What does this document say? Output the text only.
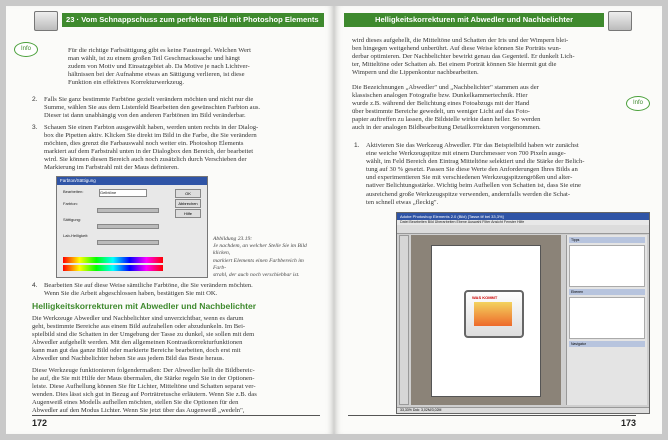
23 · Vom Schnappschuss zum perfekten Bild mit Photoshop Elements
Info	Für die richtige Farbsättigung gibt es keine Faustregel. Welchen Wert
man wählt, ist zu einem großen Teil Geschmackssache und hängt
zudem von Motiv und Einsatzgebiet ab. Da Motive je nach Lichtver-
hältnissen bei der Aufnahme etwas an Sättigung verlieren, ist diese
Funktion ein effektives Korrekturwerkzeug.
2. Falls Sie ganz bestimmte Farbtöne gezielt verändern möchten und nicht nur die
Summe, wählen Sie aus dem Listenfeld Bearbeiten den gewünschten Farbton aus.
Dieser ist dann unabhängig von den anderen Farbtönen im Bild veränderbar.
3. Schauen Sie einen Farbton ausgewählt haben, werden unten rechts in der Dialog-
box die Pipetten aktiv. Klicken Sie direkt im Bild in die Farbe, die Sie verändern
möchten, dies grenzt die Farbauswahl noch weiter ein. Photoshop Elements
markiert auf dem Farbstrahl unten in der Dialogbox den Bereich, der bearbeitet
wird. Sie können diesen Bereich auch noch zusätzlich durch Verschieben der
Markierung im Farbstrahl mit der Maus definieren.
Farbton/Sättigung
Bearbeiten:	Gelbtöne
Farbton:
Sättigung:
Lab-Helligkeit:
OK
Abbrechen
Hilfe
Abbildung 23.19:
Je nachdem, an welcher Stelle Sie im Bild klicken,
markiert Elements einen Farbbereich im Farb-
strahl, der auch noch verschiebbar ist.
4. Bearbeiten Sie auf diese Weise sämtliche Farbtöne, die Sie verändern möchten.
Wenn Sie die Arbeit abgeschlossen haben, bestätigen Sie mit OK.
Helligkeitskorrekturen mit Abwedler und Nachbelichter
Die Werkzeuge Abwedler und Nachbelichter sind unverzichtbar, wenn es darum
geht, bestimmte Bereiche aus einem Bild aufzuhellen oder abzudunkeln. Im Bei-
spielbild sind die Schatten in der Umgebung der Tasse zu dunkel, sie sollen mit dem
Abwedler aufgehellt werden. Mit den allgemeinen Kontrastkorrekturfunktionen
kann man gut das ganze Bild oder markierte Bereiche bearbeiten, doch erst mit
Abwedler und Nachbelichter heben Sie aus jedem Bild das Beste heraus.
Diese Werkzeuge funktionieren folgendermaßen: Der Abwedler hellt die Bildbereic-
he auf, die Sie mit Hilfe der Maus übermalen, die Stärke regeln Sie in der Optionen-
leiste. Diese Aufhellung können Sie für Lichter, Mitteltöne und Schatten separat ver-
wenden. Dies lässt sich gut in Bezug auf Porträtretusche erläutern. Wenn Sie z.B. das
Augenweiß eines Modells aufhellen möchten, stellen Sie die Optionen für den
Abwedler auf den Modus Lichter. Wenn Sie jetzt über das Augenweiß „wedeln",
172
Helligkeitskorrekturen mit Abwedler und Nachbelichter
wird dieses aufgehellt, die Mitteltöne und Schatten der Iris und der Wimpern blei-
ben hingegen weitgehend unberührt. Auf diese Weise können Sie Porträts wun-
derbar optimieren. Der Nachbelichter bewirkt genau das Gegenteil. Er dunkelt Lich-
ter, Mitteltöne oder Schatten ab. Bei einem Porträt können Sie hiermit gut die
Wimpern und die Lippenkontur nachbearbeiten.
Die Bezeichnungen „Abwedler" und „Nachbelichter" stammen aus der
klassischen analogen Fotografie bzw. Dunkelkammertechnik. Hier
wurde z.B. während der Belichtung eines Fotoabzugs mit der Hand
über bestimmte Bereiche gewedelt, um weniger Licht auf das Foto-
papier auftreffen zu lassen, die Bildstelle wirkte dann heller. So werden
auch in der analogen Bildbearbeitung Detailkorrekturen vorgenommen.
Info
1. Aktivieren Sie das Werkzeug Abwedler. Für das Beispielbild haben wir zunächst
eine weiche Werkzeugspitze mit einem Durchmesser von 700 Pixeln ausge-
wählt, im Feld Bereich den Eintrag Mitteltöne selektiert und die Stärke der Belich-
tung auf 30 % gesetzt. Passen Sie diese Werte den Anforderungen Ihres Bilds an
und experimentieren Sie mit verschiedenen Werkzeugspitzengrößen und alter-
nativer Belichtungsstärke. Wichtig beim Aufhellen von Schatten ist, dass Sie eine
ausreichend große Werkzeugspitze verwenden, andernfalls werden die Schat-
ten schnell etwas „fleckig".
Adobe Photoshop Elements 2.0 (Bild) [Tasse.tif bei 33,3%]
Datei Bearbeiten Bild Überarbeiten Ebene Auswahl Filter Ansicht Fenster Hilfe
WAS KOMMT
Tipps
Ebenen
Navigator
33,33% Dok: 3,02M/3,02M
173
